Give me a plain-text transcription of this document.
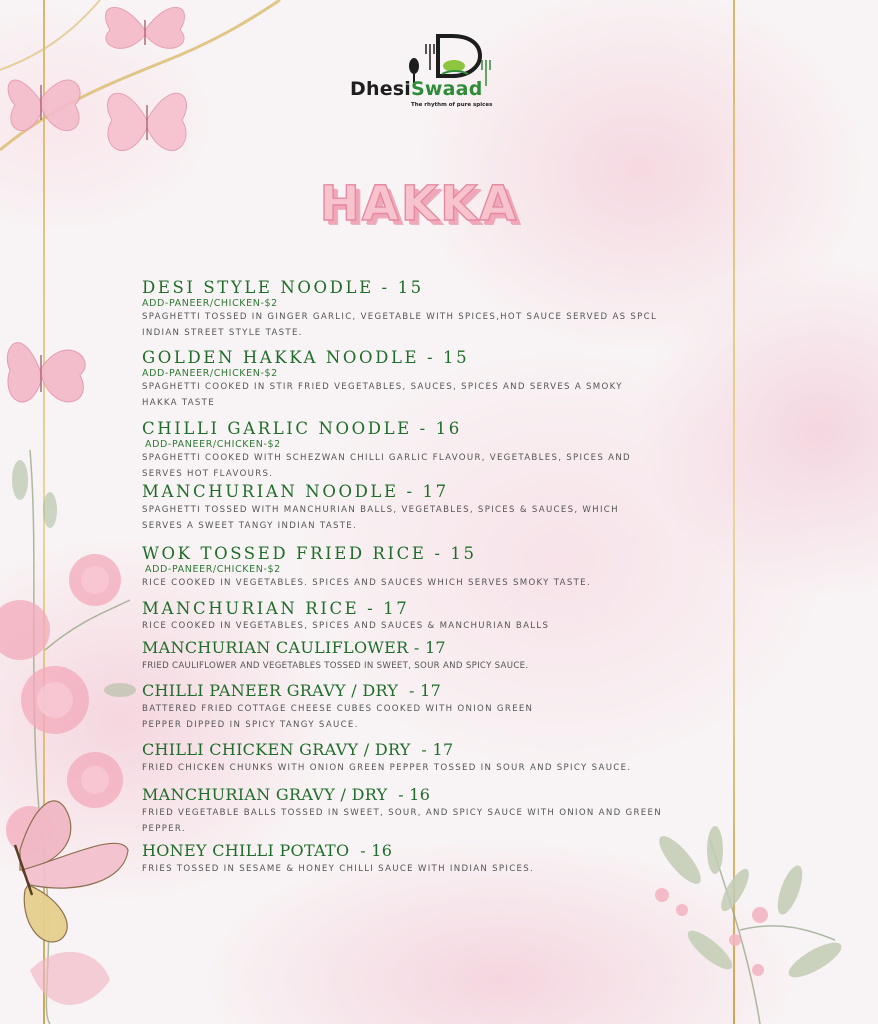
DhesiSwaad
The rhythm of pure spices
HAKKA
DESI STYLE NOODLE - 15
ADD-PANEER/CHICKEN-$2
SPAGHETTI TOSSED IN GINGER GARLIC, VEGETABLE WITH SPICES,HOT SAUCE SERVED AS SPCL INDIAN STREET STYLE TASTE.
GOLDEN HAKKA NOODLE - 15
ADD-PANEER/CHICKEN-$2
SPAGHETTI COOKED IN STIR FRIED VEGETABLES, SAUCES, SPICES AND SERVES A SMOKY HAKKA TASTE
CHILLI GARLIC NOODLE - 16
ADD-PANEER/CHICKEN-$2
SPAGHETTI COOKED WITH SCHEZWAN CHILLI GARLIC FLAVOUR, VEGETABLES, SPICES AND SERVES HOT FLAVOURS.
MANCHURIAN NOODLE - 17
SPAGHETTI TOSSED WITH MANCHURIAN BALLS, VEGETABLES, SPICES & SAUCES, WHICH SERVES A SWEET TANGY INDIAN TASTE.
WOK TOSSED FRIED RICE - 15
ADD-PANEER/CHICKEN-$2
RICE COOKED IN VEGETABLES. SPICES AND SAUCES WHICH SERVES SMOKY TASTE.
MANCHURIAN RICE - 17
RICE COOKED IN VEGETABLES, SPICES AND SAUCES & MANCHURIAN BALLS
MANCHURIAN CAULIFLOWER - 17
FRIED CAULIFLOWER AND VEGETABLES TOSSED IN SWEET, SOUR AND SPICY SAUCE.
CHILLI PANEER GRAVY / DRY  - 17
BATTERED FRIED COTTAGE CHEESE CUBES COOKED WITH ONION GREEN PEPPER DIPPED IN SPICY TANGY SAUCE.
CHILLI CHICKEN GRAVY / DRY  - 17
FRIED CHICKEN CHUNKS WITH ONION GREEN PEPPER TOSSED IN SOUR AND SPICY SAUCE.
MANCHURIAN GRAVY / DRY  - 16
FRIED VEGETABLE BALLS TOSSED IN SWEET, SOUR, AND SPICY SAUCE WITH ONION AND GREEN PEPPER.
HONEY CHILLI POTATO  - 16
FRIES TOSSED IN SESAME & HONEY CHILLI SAUCE WITH INDIAN SPICES.
